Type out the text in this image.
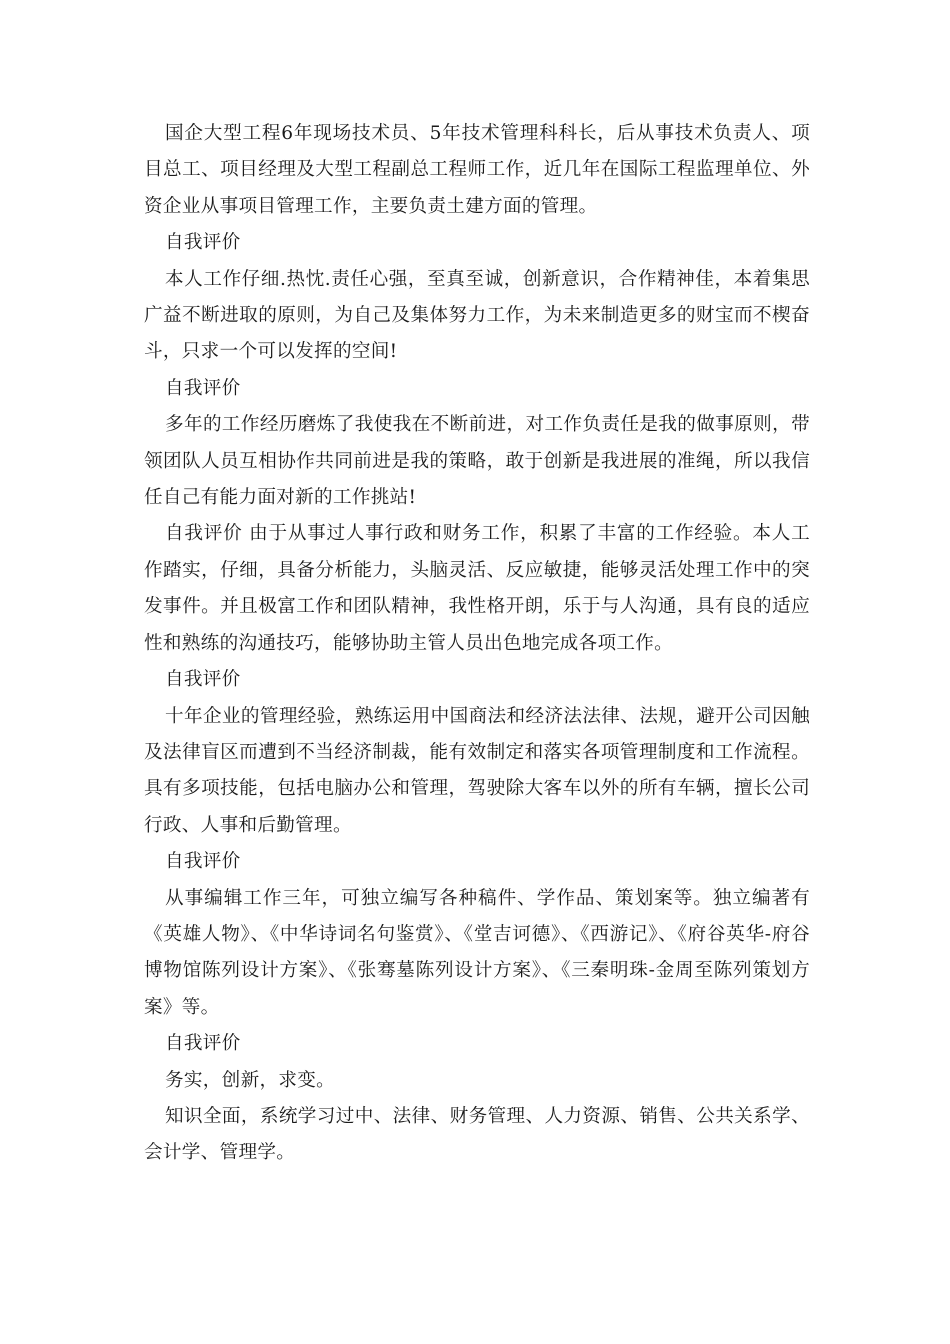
国企大型工程6年现场技术员、5年技术管理科科长，后从事技术负责人、项目总工、项目经理及大型工程副总工程师工作，近几年在国际工程监理单位、外资企业从事项目管理工作，主要负责土建方面的管理。

自我评价

本人工作仔细.热忱.责任心强，至真至诚，创新意识，合作精神佳，本着集思广益不断进取的原则，为自己及集体努力工作，为未来制造更多的财宝而不楔奋斗，只求一个可以发挥的空间!

自我评价

多年的工作经历磨炼了我使我在不断前进，对工作负责任是我的做事原则，带领团队人员互相协作共同前进是我的策略，敢于创新是我进展的准绳，所以我信任自己有能力面对新的工作挑站!

自我评价 由于从事过人事行政和财务工作，积累了丰富的工作经验。本人工作踏实，仔细，具备分析能力，头脑灵活、反应敏捷，能够灵活处理工作中的突发事件。并且极富工作和团队精神，我性格开朗，乐于与人沟通，具有良的适应性和熟练的沟通技巧，能够协助主管人员出色地完成各项工作。

自我评价

十年企业的管理经验，熟练运用中国商法和经济法法律、法规，避开公司因触及法律盲区而遭到不当经济制裁，能有效制定和落实各项管理制度和工作流程。具有多项技能，包括电脑办公和管理，驾驶除大客车以外的所有车辆，擅长公司行政、人事和后勤管理。

自我评价

从事编辑工作三年，可独立编写各种稿件、学作品、策划案等。独立编著有《英雄人物》、《中华诗词名句鉴赏》、《堂吉诃德》、《西游记》、《府谷英华-府谷博物馆陈列设计方案》、《张骞墓陈列设计方案》、《三秦明珠-金周至陈列策划方案》等。

自我评价

务实，创新，求变。

知识全面，系统学习过中、法律、财务管理、人力资源、销售、公共关系学、会计学、管理学。
